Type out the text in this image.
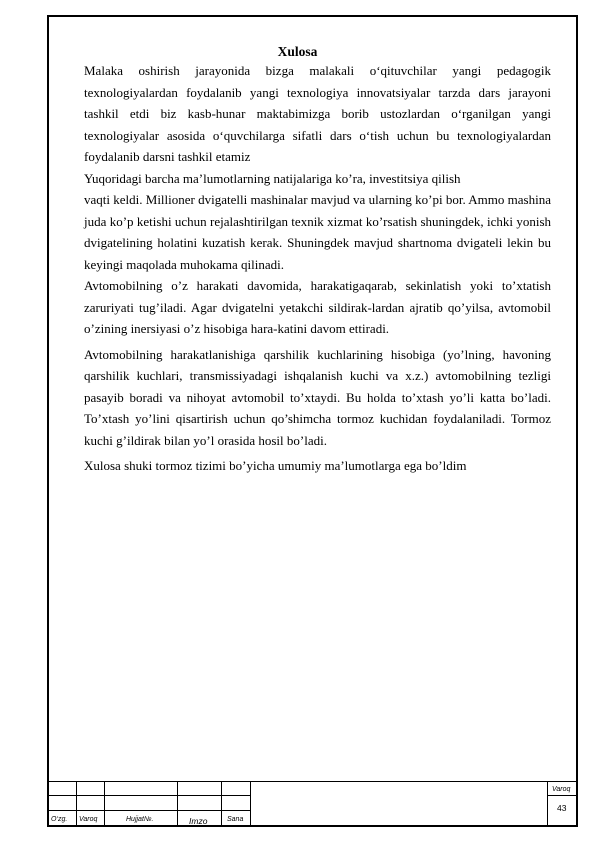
Xulosa

Malaka oshirish jarayonida bizga malakali o‘qituvchilar yangi pedagogik texnologiyalardan foydalanib yangi texnologiya innovatsiyalar tarzda dars jarayoni tashkil etdi biz kasb-hunar maktabimizga borib ustozlardan o‘rganilgan yangi texnologiyalar asosida o‘quvchilarga sifatli dars o‘tish uchun bu texnologiyalardan foydalanib darsni tashkil etamiz

Yuqoridagi barcha ma’lumotlarning natijalariga ko’ra, investitsiya qilish

vaqti keldi. Millioner dvigatelli mashinalar mavjud va ularning ko’pi bor. Ammo mashina juda ko’p ketishi uchun rejalashtirilgan texnik xizmat ko’rsatish shuningdek, ichki yonish dvigatelining holatini kuzatish kerak. Shuningdek mavjud shartnoma dvigateli lekin bu keyingi maqolada muhokama qilinadi.

Avtomobilning o’z harakati davomida, harakatigaqarab, sekinlatish yoki to’xtatish zaruriyati tug’iladi. Agar dvigatelni yetakchi sildirak-lardan ajratib qo’yilsa, avtomobil o’zining inersiyasi o’z hisobiga hara-katini davom ettiradi.

Avtomobilning harakatlanishiga qarshilik kuchlarining hisobiga (yo’lning, havoning qarshilik kuchlari, transmissiyadagi ishqalanish kuchi va x.z.) avtomobilning tezligi pasayib boradi va nihoyat avtomobil to’xtaydi. Bu holda to’xtash yo’li katta bo’ladi. To’xtash yo’lini qisartirish uchun qo’shimcha tormoz kuchidan foydalaniladi. Tormoz kuchi g’ildirak bilan yo’l orasida hosil bo’ladi.

Xulosa shuki tormoz tizimi bo’yicha umumiy ma’lumotlarga ega bo’ldim

O‘zg. Varoq	Hujjat№.	Imzo	Sana
Varoq
43
